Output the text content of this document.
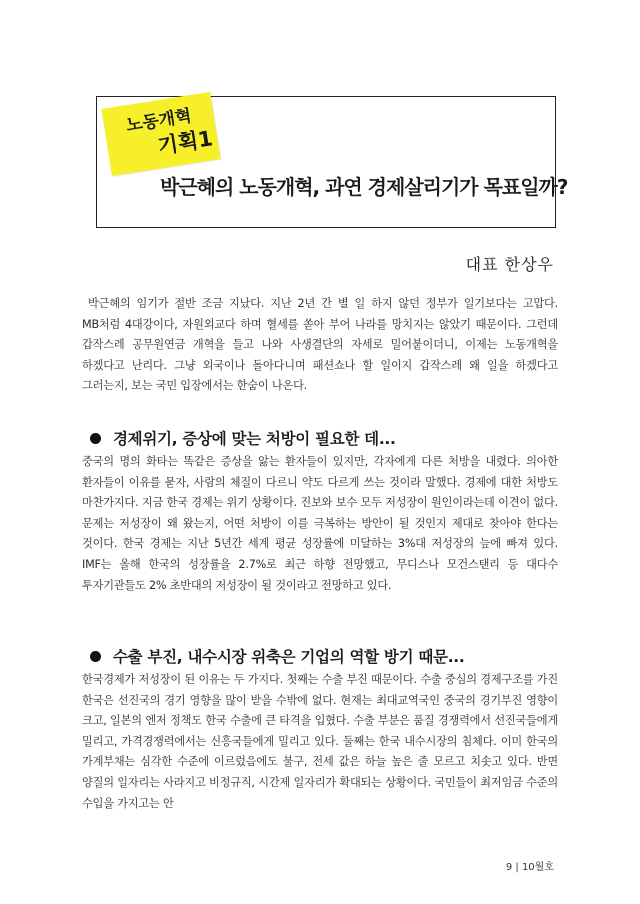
노동개혁
기획1
박근혜의 노동개혁, 과연 경제살리기가 목표일까?
대표 한상우

박근혜의 임기가 절반 조금 지났다. 지난 2년 간 별 일 하지 않던 정부가 일기보다는 고맙다. MB처럼 4대강이다, 자원외교다 하며 혈세를 쏟아 부어 나라를 망치지는 않았기 때문이다. 그런데 갑작스레 공무원연금 개혁을 들고 나와 사생결단의 자세로 밀어붙이더니, 이제는 노동개혁을 하겠다고 난리다. 그냥 외국이나 돌아다니며 패션쇼나 할 일이지 갑작스레 왜 일을 하겠다고 그러는지, 보는 국민 입장에서는 한숨이 나온다.

경제위기, 증상에 맞는 처방이 필요한 데...

중국의 명의 화타는 똑같은 증상을 앓는 환자들이 있지만, 각자에게 다른 처방을 내렸다. 의아한 환자들이 이유를 묻자, 사람의 체질이 다르니 약도 다르게 쓰는 것이라 말했다. 경제에 대한 처방도 마찬가지다. 지금 한국 경제는 위기 상황이다. 진보와 보수 모두 저성장이 원인이라는데 이견이 없다. 문제는 저성장이 왜 왔는지, 어떤 처방이 이를 극복하는 방안이 될 것인지 제대로 찾아야 한다는 것이다. 한국 경제는 지난 5년간 세계 평균 성장률에 미달하는 3%대 저성장의 늪에 빠져 있다. IMF는 올해 한국의 성장률을 2.7%로 최근 하향 전망했고, 무디스나 모건스탠리 등 대다수 투자기관들도 2% 초반대의 저성장이 될 것이라고 전망하고 있다.

수출 부진, 내수시장 위축은 기업의 역할 방기 때문...

한국경제가 저성장이 된 이유는 두 가지다. 첫째는 수출 부진 때문이다. 수출 중심의 경제구조를 가진 한국은 선진국의 경기 영향을 많이 받을 수밖에 없다. 현재는 최대교역국인 중국의 경기부진 영향이 크고, 일본의 엔저 정책도 한국 수출에 큰 타격을 입혔다. 수출 부분은 품질 경쟁력에서 선진국들에게 밀리고, 가격경쟁력에서는 신흥국들에게 밀리고 있다. 둘째는 한국 내수시장의 침체다. 이미 한국의 가계부채는 심각한 수준에 이르렀음에도 불구, 전세 값은 하늘 높은 줄 모르고 치솟고 있다. 반면 양질의 일자리는 사라지고 비정규직, 시간제 일자리가 확대되는 상황이다. 국민들이 최저임금 수준의 수입을 가지고는 안

9 | 10월호
